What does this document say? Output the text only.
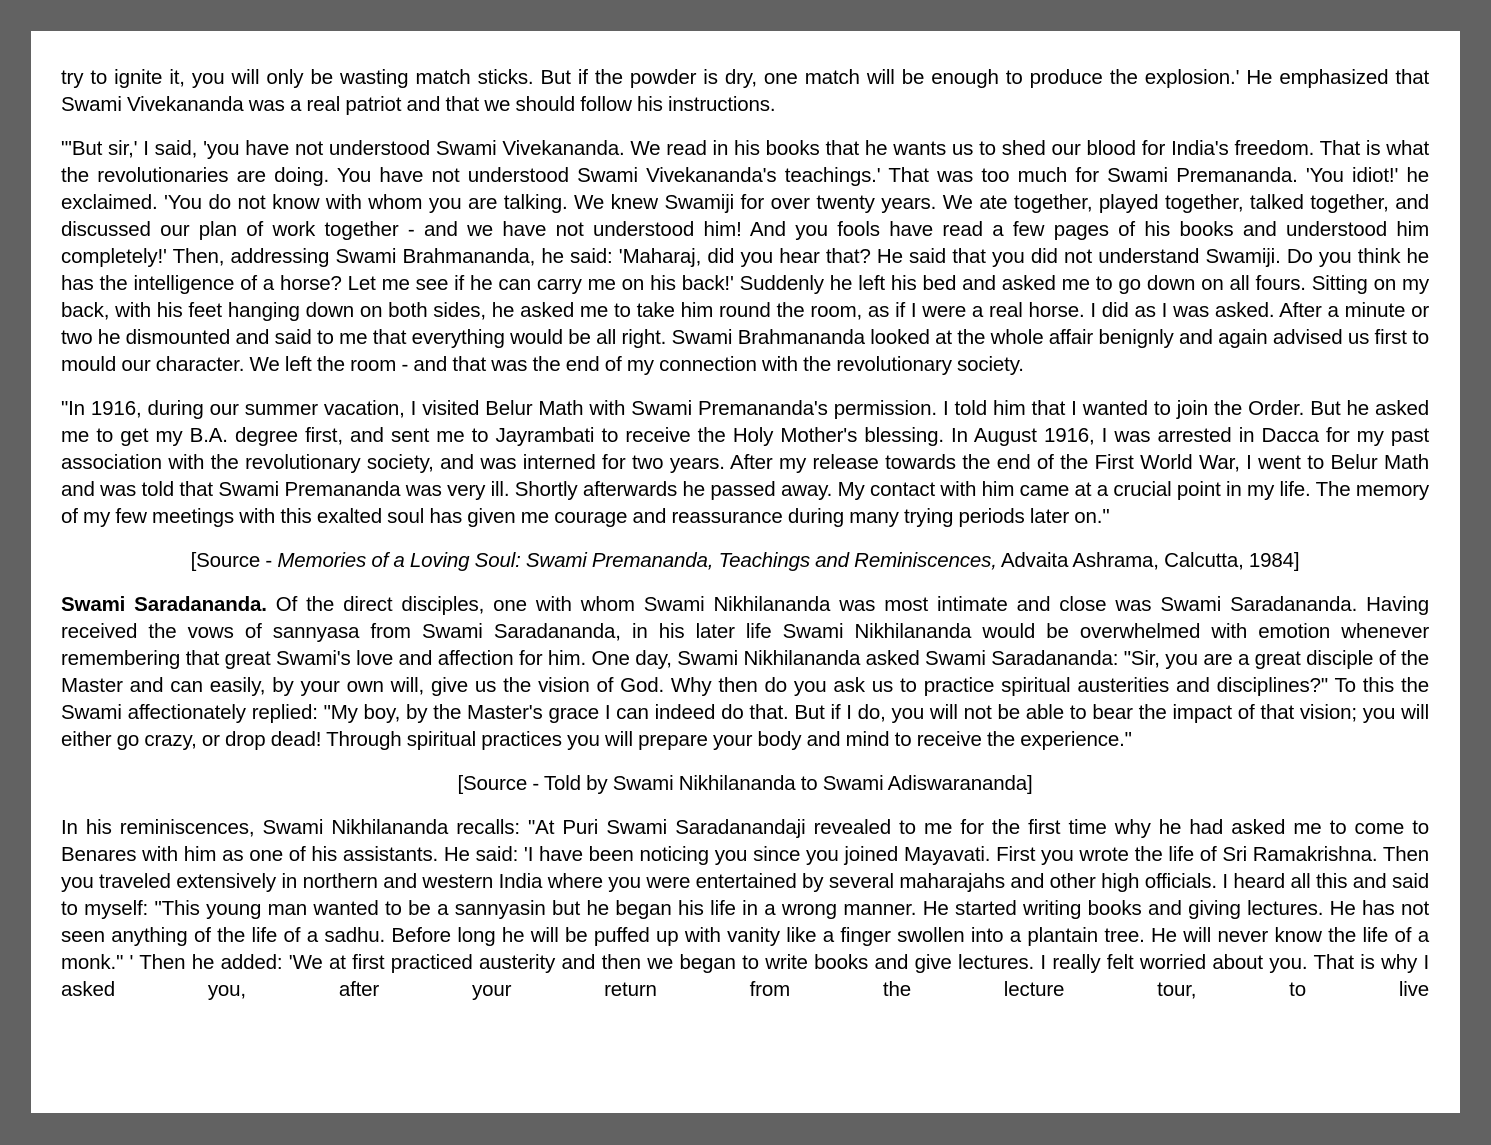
try to ignite it, you will only be wasting match sticks. But if the powder is dry, one match will be enough to produce the explosion.' He emphasized that Swami Vivekananda was a real patriot and that we should follow his instructions.

"'But sir,' I said, 'you have not understood Swami Vivekananda. We read in his books that he wants us to shed our blood for India's freedom. That is what the revolutionaries are doing. You have not understood Swami Vivekananda's teachings.' That was too much for Swami Premananda. 'You idiot!' he exclaimed. 'You do not know with whom you are talking. We knew Swamiji for over twenty years. We ate together, played together, talked together, and discussed our plan of work together - and we have not understood him! And you fools have read a few pages of his books and understood him completely!' Then, addressing Swami Brahmananda, he said: 'Maharaj, did you hear that? He said that you did not understand Swamiji. Do you think he has the intelligence of a horse? Let me see if he can carry me on his back!' Suddenly he left his bed and asked me to go down on all fours. Sitting on my back, with his feet hanging down on both sides, he asked me to take him round the room, as if I were a real horse. I did as I was asked. After a minute or two he dismounted and said to me that everything would be all right. Swami Brahmananda looked at the whole affair benignly and again advised us first to mould our character. We left the room - and that was the end of my connection with the revolutionary society.

"In 1916, during our summer vacation, I visited Belur Math with Swami Premananda's permission. I told him that I wanted to join the Order. But he asked me to get my B.A. degree first, and sent me to Jayrambati to receive the Holy Mother's blessing. In August 1916, I was arrested in Dacca for my past association with the revolutionary society, and was interned for two years. After my release towards the end of the First World War, I went to Belur Math and was told that Swami Premananda was very ill. Shortly afterwards he passed away. My contact with him came at a crucial point in my life. The memory of my few meetings with this exalted soul has given me courage and reassurance during many trying periods later on."

[Source - Memories of a Loving Soul: Swami Premananda, Teachings and Reminiscences, Advaita Ashrama, Calcutta, 1984]

Swami Saradananda. Of the direct disciples, one with whom Swami Nikhilananda was most intimate and close was Swami Saradananda. Having received the vows of sannyasa from Swami Saradananda, in his later life Swami Nikhilananda would be overwhelmed with emotion whenever remembering that great Swami's love and affection for him. One day, Swami Nikhilananda asked Swami Saradananda: "Sir, you are a great disciple of the Master and can easily, by your own will, give us the vision of God. Why then do you ask us to practice spiritual austerities and disciplines?" To this the Swami affectionately replied: "My boy, by the Master's grace I can indeed do that. But if I do, you will not be able to bear the impact of that vision; you will either go crazy, or drop dead! Through spiritual practices you will prepare your body and mind to receive the experience."

[Source - Told by Swami Nikhilananda to Swami Adiswarananda]

In his reminiscences, Swami Nikhilananda recalls: "At Puri Swami Saradanandaji revealed to me for the first time why he had asked me to come to Benares with him as one of his assistants. He said: 'I have been noticing you since you joined Mayavati. First you wrote the life of Sri Ramakrishna. Then you traveled extensively in northern and western India where you were entertained by several maharajahs and other high officials. I heard all this and said to myself: "This young man wanted to be a sannyasin but he began his life in a wrong manner. He started writing books and giving lectures. He has not seen anything of the life of a sadhu. Before long he will be puffed up with vanity like a finger swollen into a plantain tree. He will never know the life of a monk." ' Then he added: 'We at first practiced austerity and then we began to write books and give lectures. I really felt worried about you. That is why I asked you, after your return from the lecture tour, to live
